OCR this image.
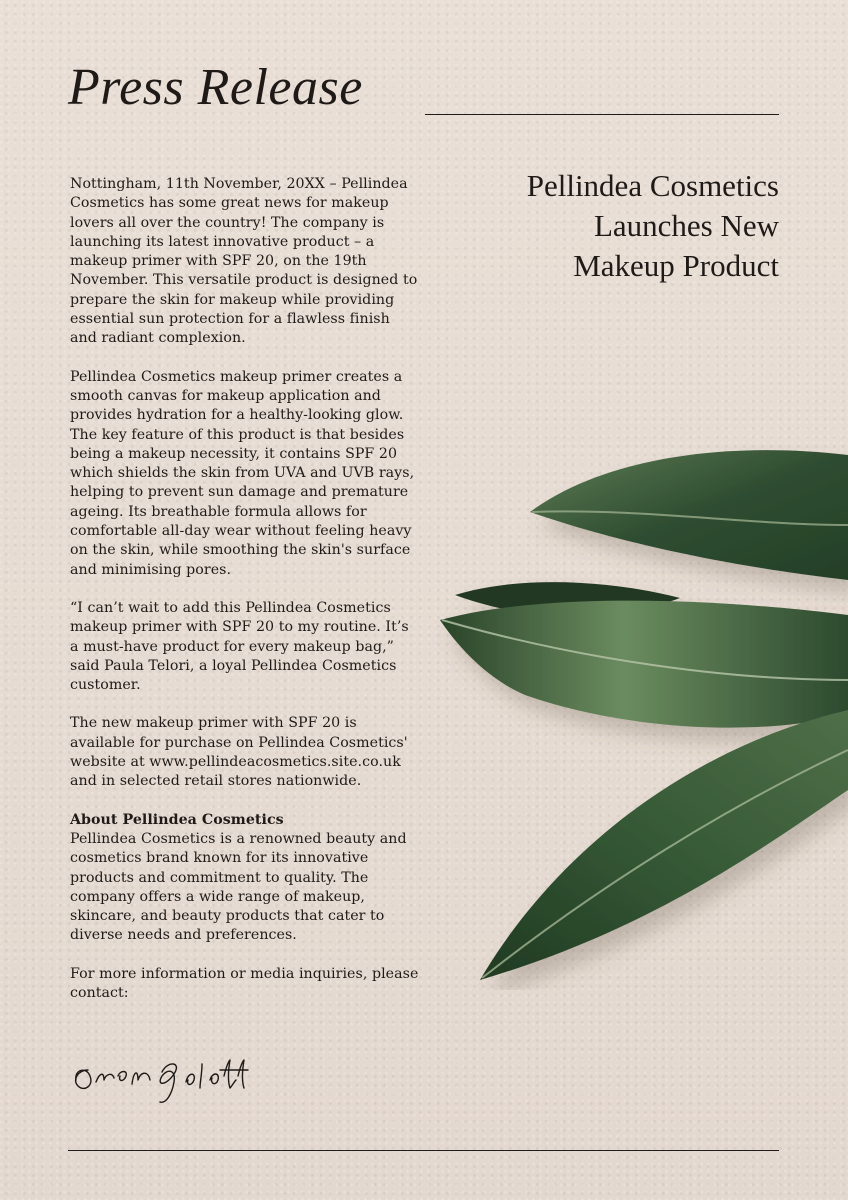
Press Release
Pellindea Cosmetics
Launches New
Makeup Product

Nottingham, 11th November, 20XX – Pellindea Cosmetics has some great news for makeup lovers all over the country! The company is launching its latest innovative product – a makeup primer with SPF 20, on the 19th November. This versatile product is designed to prepare the skin for makeup while providing essential sun protection for a flawless finish and radiant complexion.

Pellindea Cosmetics makeup primer creates a smooth canvas for makeup application and provides hydration for a healthy-looking glow. The key feature of this product is that besides being a makeup necessity, it contains SPF 20 which shields the skin from UVA and UVB rays, helping to prevent sun damage and premature ageing. Its breathable formula allows for comfortable all-day wear without feeling heavy on the skin, while smoothing the skin's surface and minimising pores.

“I can’t wait to add this Pellindea Cosmetics makeup primer with SPF 20 to my routine. It’s a must-have product for every makeup bag,” said Paula Telori, a loyal Pellindea Cosmetics customer.

The new makeup primer with SPF 20 is available for purchase on Pellindea Cosmetics' website at www.pellindeacosmetics.site.co.uk and in selected retail stores nationwide.

About Pellindea Cosmetics
Pellindea Cosmetics is a renowned beauty and cosmetics brand known for its innovative products and commitment to quality. The company offers a wide range of makeup, skincare, and beauty products that cater to diverse needs and preferences.

For more information or media inquiries, please contact:
